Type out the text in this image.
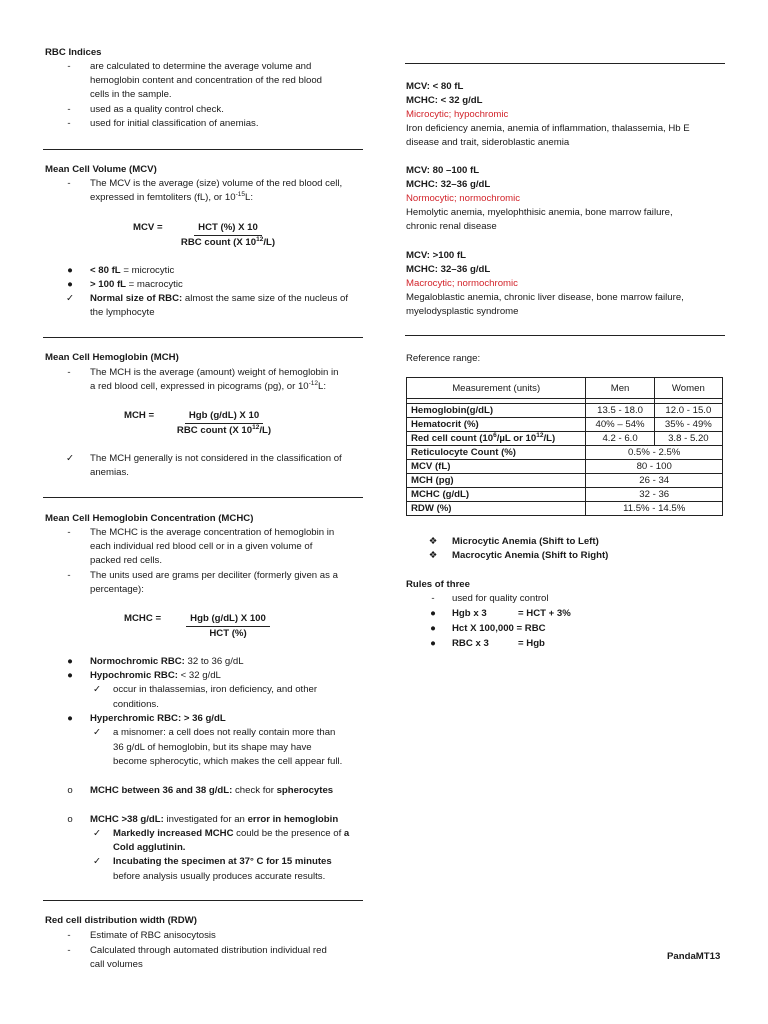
RBC Indices
-	are calculated to determine the average volume and
hemoglobin content and concentration of the red blood
cells in the sample.
-	used as a quality control check.
-	used for initial classification of anemias.
Mean Cell Volume (MCV)
-	The MCV is the average (size) volume of the red blood cell,
expressed in femtoliters (fL), or $10^{-15}L$:
MCV =	HCT (%) X 10
RBC count (X $10^{12}/L$)
●	< 80 fL = microcytic
●	> 100 fL = macrocytic
✓	Normal size of RBC: almost the same size of the nucleus of
the lymphocyte
Mean Cell Hemoglobin (MCH)
-	The MCH is the average (amount) weight of hemoglobin in
a red blood cell, expressed in picograms (pg), or $10^{-12}L$:
MCH =	Hgb (g/dL) X 10
RBC count (X $10^{12}/L$)
✓	The MCH generally is not considered in the classification of
anemias.
Mean Cell Hemoglobin Concentration (MCHC)
-	The MCHC is the average concentration of hemoglobin in
each individual red blood cell or in a given volume of
packed red cells.
-	The units used are grams per deciliter (formerly given as a
percentage):
MCHC =	Hgb (g/dL) X 100
HCT (%)
●	Normochromic RBC: 32 to 36 g/dL
●	Hypochromic RBC: < 32 g/dL
✓	occur in thalassemias, iron deficiency, and other
conditions.
●	Hyperchromic RBC: > 36 g/dL
✓	a misnomer: a cell does not really contain more than
36 g/dL of hemoglobin, but its shape may have
become spherocytic, which makes the cell appear full.
o	MCHC between 36 and 38 g/dL: check for spherocytes
o	MCHC >38 g/dL: investigated for an error in hemoglobin
✓	Markedly increased MCHC could be the presence of a
Cold agglutinin.
✓	Incubating the specimen at 37° C for 15 minutes
before analysis usually produces accurate results.
Red cell distribution width (RDW)
-	Estimate of RBC anisocytosis
-	Calculated through automated distribution individual red
call volumes
MCV: < 80 fL
MCHC: < 32 g/dL
Microcytic; hypochromic
Iron deficiency anemia, anemia of inflammation, thalassemia, Hb E
disease and trait, sideroblastic anemia
MCV: 80 –100 fL
MCHC: 32–36 g/dL
Normocytic; normochromic
Hemolytic anemia, myelophthisic anemia, bone marrow failure,
chronic renal disease
MCV: >100 fL
MCHC: 32–36 g/dL
Macrocytic; normochromic
Megaloblastic anemia, chronic liver disease, bone marrow failure,
myelodysplastic syndrome
Reference range:
Measurement (units)	Men	Women

Hemoglobin(g/dL)	13.5 - 18.0	12.0 - 15.0
Hematocrit (%)	40% – 54%	35% - 49%
Red cell count ($10^6/\mu L$ or $10^{12}/L$)	4.2 - 6.0	3.8 - 5.20
Reticulocyte Count (%)	0.5% - 2.5%	
MCV (fL)	80 - 100	
MCH (pg)	26 - 34	
MCHC (g/dL)	32 - 36	
RDW (%)	11.5% - 14.5%	
❖ Microcytic Anemia (Shift to Left)
❖ Macrocytic Anemia (Shift to Right)
Rules of three
-	used for quality control
●	Hgb x 3	= HCT + 3%
●	Hct X 100,000 = RBC
●	RBC x 3	= Hgb
PandaMT13
